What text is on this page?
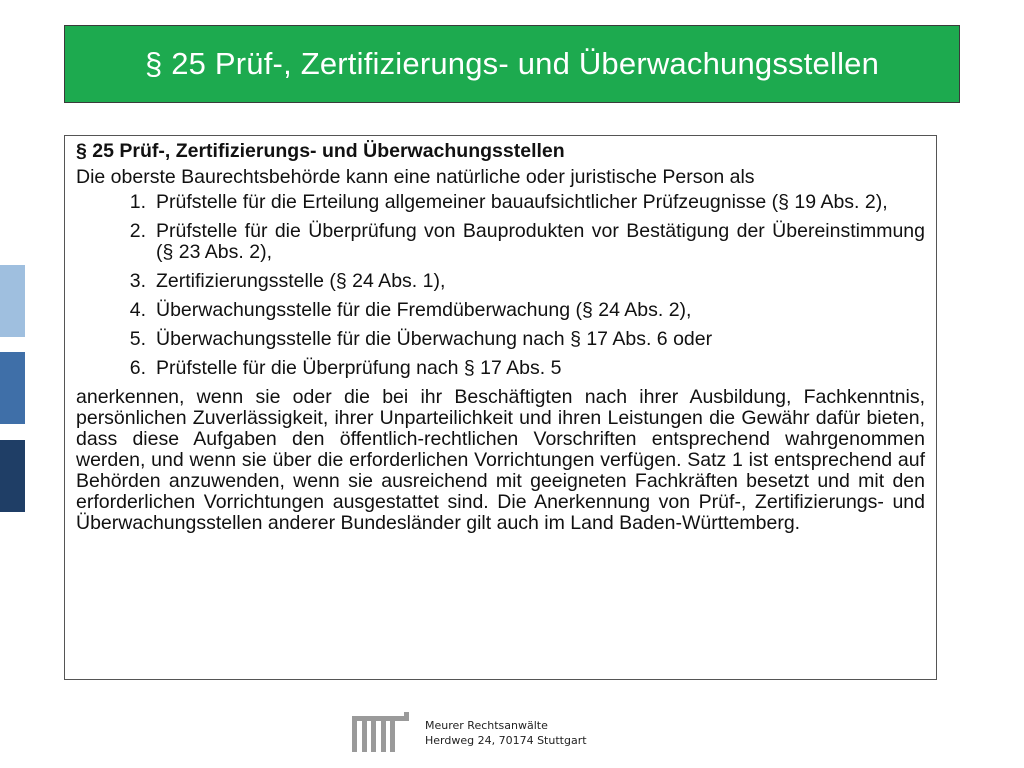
§ 25 Prüf-, Zertifizierungs- und Überwachungsstellen
§ 25 Prüf-, Zertifizierungs- und Überwachungsstellen
Die oberste Baurechtsbehörde kann eine natürliche oder juristische Person als
1. Prüfstelle für die Erteilung allgemeiner bauaufsichtlicher Prüfzeugnisse (§ 19 Abs. 2),
2. Prüfstelle für die Überprüfung von Bauprodukten vor Bestätigung der Übereinstimmung (§ 23 Abs. 2),
3. Zertifizierungsstelle (§ 24 Abs. 1),
4. Überwachungsstelle für die Fremdüberwachung (§ 24 Abs. 2),
5. Überwachungsstelle für die Überwachung nach § 17 Abs. 6 oder
6. Prüfstelle für die Überprüfung nach § 17 Abs. 5
anerkennen, wenn sie oder die bei ihr Beschäftigten nach ihrer Ausbildung, Fachkenntnis, persönlichen Zuverlässigkeit, ihrer Unparteilichkeit und ihren Leistungen die Gewähr dafür bieten, dass diese Aufgaben den öffentlich-rechtlichen Vorschriften entsprechend wahrgenommen werden, und wenn sie über die erforderlichen Vorrichtungen verfügen. Satz 1 ist entsprechend auf Behörden anzuwenden, wenn sie ausreichend mit geeigneten Fachkräften besetzt und mit den erforderlichen Vorrichtungen ausgestattet sind. Die Anerkennung von Prüf-, Zertifizierungs- und Überwachungsstellen anderer Bundesländer gilt auch im Land Baden-Württemberg.
Meurer Rechtsanwälte
Herdweg 24, 70174 Stuttgart
